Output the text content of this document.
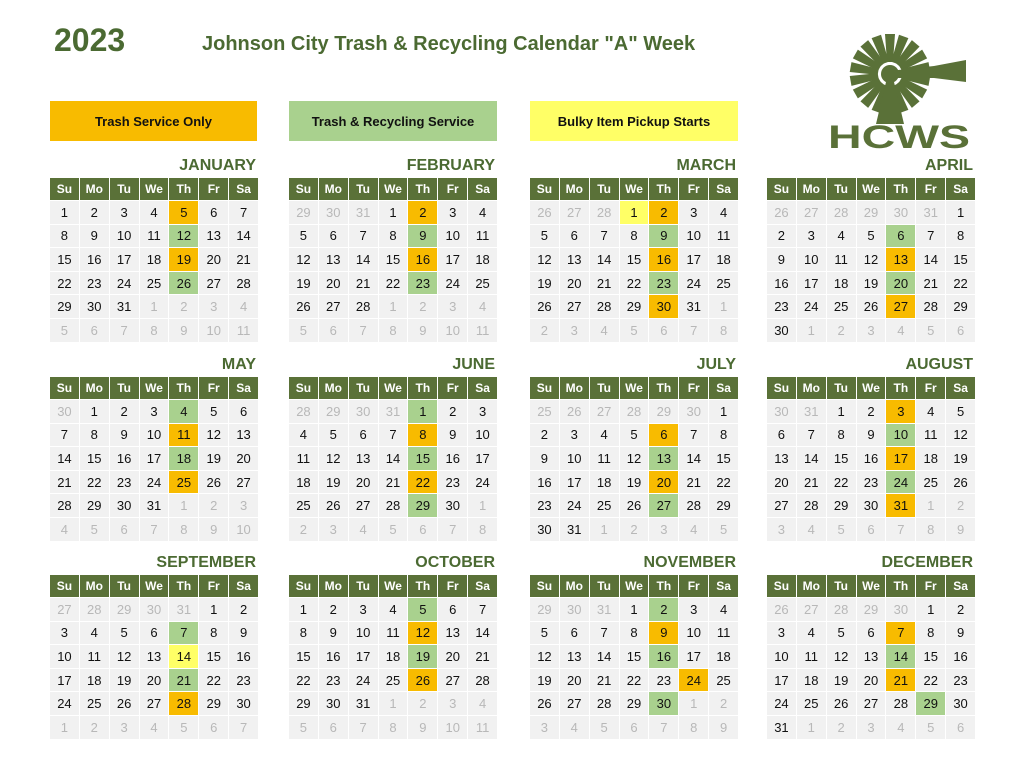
2023	Johnson City Trash & Recycling Calendar "A" Week
HCWS
Trash Service Only	Trash & Recycling Service	Bulky Item Pickup Starts
JANUARY
Su	Mo	Tu	We	Th	Fr	Sa
1	2	3	4	5	6	7
8	9	10	11	12	13	14
15	16	17	18	19	20	21
22	23	24	25	26	27	28
29	30	31	1	2	3	4
5	6	7	8	9	10	11
FEBRUARY
Su	Mo	Tu	We	Th	Fr	Sa
29	30	31	1	2	3	4
5	6	7	8	9	10	11
12	13	14	15	16	17	18
19	20	21	22	23	24	25
26	27	28	1	2	3	4
5	6	7	8	9	10	11
MARCH
Su	Mo	Tu	We	Th	Fr	Sa
26	27	28	1	2	3	4
5	6	7	8	9	10	11
12	13	14	15	16	17	18
19	20	21	22	23	24	25
26	27	28	29	30	31	1
2	3	4	5	6	7	8
APRIL
Su	Mo	Tu	We	Th	Fr	Sa
26	27	28	29	30	31	1
2	3	4	5	6	7	8
9	10	11	12	13	14	15
16	17	18	19	20	21	22
23	24	25	26	27	28	29
30	1	2	3	4	5	6
MAY
Su	Mo	Tu	We	Th	Fr	Sa
30	1	2	3	4	5	6
7	8	9	10	11	12	13
14	15	16	17	18	19	20
21	22	23	24	25	26	27
28	29	30	31	1	2	3
4	5	6	7	8	9	10
JUNE
Su	Mo	Tu	We	Th	Fr	Sa
28	29	30	31	1	2	3
4	5	6	7	8	9	10
11	12	13	14	15	16	17
18	19	20	21	22	23	24
25	26	27	28	29	30	1
2	3	4	5	6	7	8
JULY
Su	Mo	Tu	We	Th	Fr	Sa
25	26	27	28	29	30	1
2	3	4	5	6	7	8
9	10	11	12	13	14	15
16	17	18	19	20	21	22
23	24	25	26	27	28	29
30	31	1	2	3	4	5
AUGUST
Su	Mo	Tu	We	Th	Fr	Sa
30	31	1	2	3	4	5
6	7	8	9	10	11	12
13	14	15	16	17	18	19
20	21	22	23	24	25	26
27	28	29	30	31	1	2
3	4	5	6	7	8	9
SEPTEMBER
Su	Mo	Tu	We	Th	Fr	Sa
27	28	29	30	31	1	2
3	4	5	6	7	8	9
10	11	12	13	14	15	16
17	18	19	20	21	22	23
24	25	26	27	28	29	30
1	2	3	4	5	6	7
OCTOBER
Su	Mo	Tu	We	Th	Fr	Sa
1	2	3	4	5	6	7
8	9	10	11	12	13	14
15	16	17	18	19	20	21
22	23	24	25	26	27	28
29	30	31	1	2	3	4
5	6	7	8	9	10	11
NOVEMBER
Su	Mo	Tu	We	Th	Fr	Sa
29	30	31	1	2	3	4
5	6	7	8	9	10	11
12	13	14	15	16	17	18
19	20	21	22	23	24	25
26	27	28	29	30	1	2
3	4	5	6	7	8	9
DECEMBER
Su	Mo	Tu	We	Th	Fr	Sa
26	27	28	29	30	1	2
3	4	5	6	7	8	9
10	11	12	13	14	15	16
17	18	19	20	21	22	23
24	25	26	27	28	29	30
31	1	2	3	4	5	6
